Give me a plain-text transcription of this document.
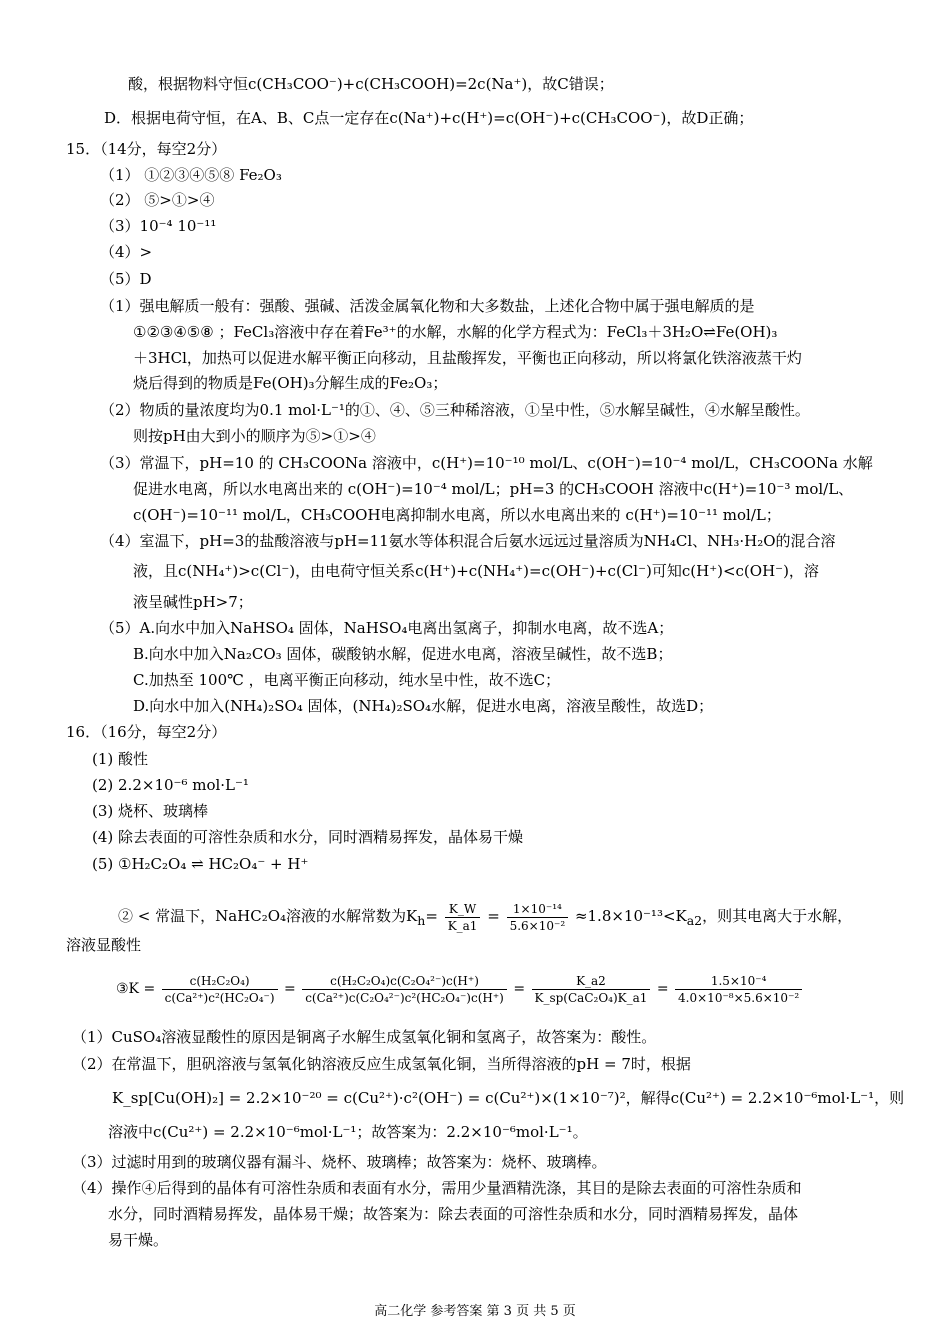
酸，根据物料守恒c(CH₃COO⁻)+c(CH₃COOH)=2c(Na⁺)，故C错误；
D．根据电荷守恒，在A、B、C点一定存在c(Na⁺)+c(H⁺)=c(OH⁻)+c(CH₃COO⁻)，故D正确；
15．（14分，每空2分）
（1） ①②③④⑤⑧ Fe₂O₃
（2） ⑤>①>④
（3）10⁻⁴ 10⁻¹¹
（4）>
（5）D
（1）强电解质一般有：强酸、强碱、活泼金属氧化物和大多数盐，上述化合物中属于强电解质的是
①②③④⑤⑧ ；FeCl₃溶液中存在着Fe³⁺的水解，水解的化学方程式为：FeCl₃＋3H₂O⇌Fe(OH)₃
＋3HCl，加热可以促进水解平衡正向移动，且盐酸挥发，平衡也正向移动，所以将氯化铁溶液蒸干灼
烧后得到的物质是Fe(OH)₃分解生成的Fe₂O₃；
（2）物质的量浓度均为0.1 mol·L⁻¹的①、④、⑤三种稀溶液，①呈中性，⑤水解呈碱性，④水解呈酸性。
则按pH由大到小的顺序为⑤>①>④
（3）常温下，pH=10 的 CH₃COONa 溶液中，c(H⁺)=10⁻¹⁰ mol/L、c(OH⁻)=10⁻⁴ mol/L，CH₃COONa 水解
促进水电离，所以水电离出来的 c(OH⁻)=10⁻⁴ mol/L；pH=3 的CH₃COOH 溶液中c(H⁺)=10⁻³ mol/L、
c(OH⁻)=10⁻¹¹ mol/L，CH₃COOH电离抑制水电离，所以水电离出来的 c(H⁺)=10⁻¹¹ mol/L；
（4）室温下，pH=3的盐酸溶液与pH=11氨水等体积混合后氨水远远过量溶质为NH₄Cl、NH₃·H₂O的混合溶
液，且c(NH₄⁺)>c(Cl⁻)，由电荷守恒关系c(H⁺)+c(NH₄⁺)=c(OH⁻)+c(Cl⁻)可知c(H⁺)<c(OH⁻)，溶
液呈碱性pH>7；
（5）A.向水中加入NaHSO₄ 固体，NaHSO₄电离出氢离子，抑制水电离，故不选A；
B.向水中加入Na₂CO₃ 固体，碳酸钠水解，促进水电离，溶液呈碱性，故不选B；
C.加热至 100℃ ，电离平衡正向移动，纯水呈中性，故不选C；
D.向水中加入(NH₄)₂SO₄ 固体，(NH₄)₂SO₄水解，促进水电离，溶液呈酸性，故选D；
16．（16分，每空2分）
(1) 酸性
(2) 2.2×10⁻⁶ mol·L⁻¹
(3) 烧杯、玻璃棒
(4) 除去表面的可溶性杂质和水分，同时酒精易挥发，晶体易干燥
(5) ①H₂C₂O₄ ⇌ HC₂O₄⁻ + H⁺
② < 常温下，NaHC₂O₄溶液的水解常数为$K_h= \frac{K\_W}{K\_a1} = \frac{\text{1×10⁻¹⁴}}{\text{5.6×10⁻²}} \approx 1.8\times 10^{-13}<K_{a2}$，则其电离大于水解，
溶液显酸性
③K = $\frac{\text{c(H₂C₂O₄)}}{\text{c(Ca²⁺)c²(HC₂O₄⁻)}} = \frac{\text{c(H₂C₂O₄)c(C₂O₄²⁻)c(H⁺)}}{\text{c(Ca²⁺)c(C₂O₄²⁻)c²(HC₂O₄⁻)c(H⁺)}} = \frac{K\_a2}{\text{K\_sp(CaC₂O₄)K\_a1}} = \frac{\text{1.5×10⁻⁴}}{\text{4.0×10⁻⁸×5.6×10⁻²}}$
（1）CuSO₄溶液显酸性的原因是铜离子水解生成氢氧化铜和氢离子，故答案为：酸性。
（2）在常温下，胆矾溶液与氢氧化钠溶液反应生成氢氧化铜，当所得溶液的pH = 7时，根据
K_sp[Cu(OH)₂] = 2.2×10⁻²⁰ = c(Cu²⁺)·c²(OH⁻) = c(Cu²⁺)×(1×10⁻⁷)²，解得c(Cu²⁺) = 2.2×10⁻⁶mol·L⁻¹，则
溶液中c(Cu²⁺) = 2.2×10⁻⁶mol·L⁻¹；故答案为：2.2×10⁻⁶mol·L⁻¹。
（3）过滤时用到的玻璃仪器有漏斗、烧杯、玻璃棒；故答案为：烧杯、玻璃棒。
（4）操作④后得到的晶体有可溶性杂质和表面有水分，需用少量酒精洗涤，其目的是除去表面的可溶性杂质和
水分，同时酒精易挥发，晶体易干燥；故答案为：除去表面的可溶性杂质和水分，同时酒精易挥发，晶体
易干燥。
高二化学 参考答案 第 3 页 共 5 页
